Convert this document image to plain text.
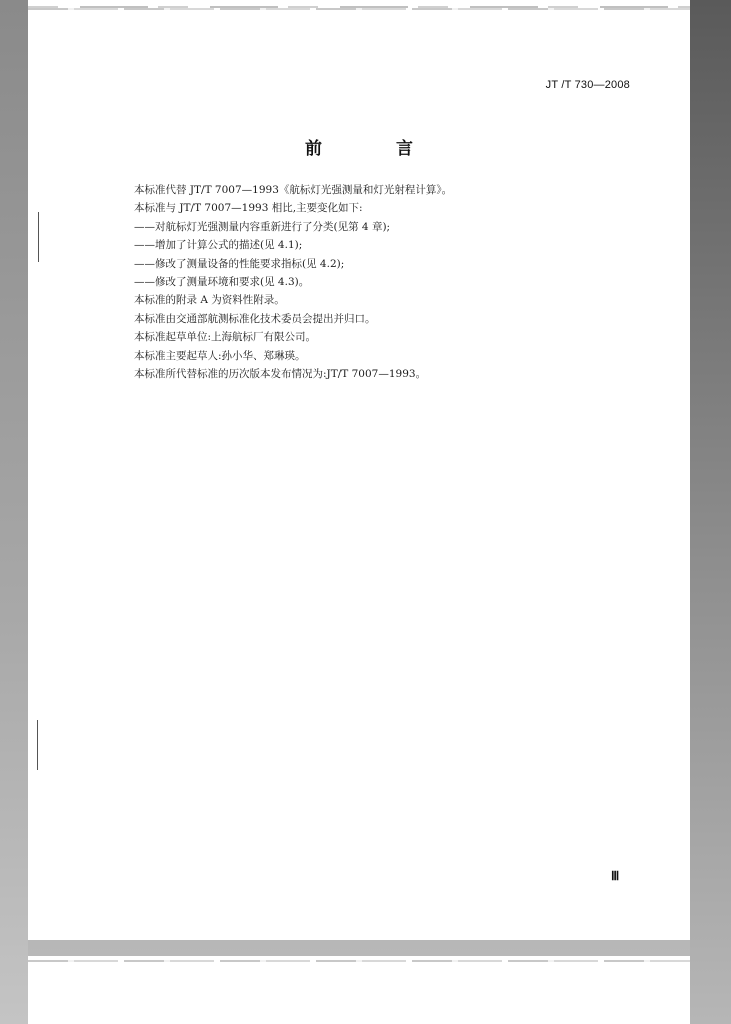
JT /T 730—2008
前 言
本标准代替 JT/T 7007—1993《航标灯光强测量和灯光射程计算》。
本标准与 JT/T 7007—1993 相比,主要变化如下:
——对航标灯光强测量内容重新进行了分类(见第 4 章);
——增加了计算公式的描述(见 4.1);
——修改了测量设备的性能要求指标(见 4.2);
——修改了测量环境和要求(见 4.3)。
本标准的附录 A 为资料性附录。
本标准由交通部航测标准化技术委员会提出并归口。
本标准起草单位:上海航标厂有限公司。
本标准主要起草人:孙小华、郑琳瑛。
本标准所代替标准的历次版本发布情况为:JT/T 7007—1993。
Ⅲ
